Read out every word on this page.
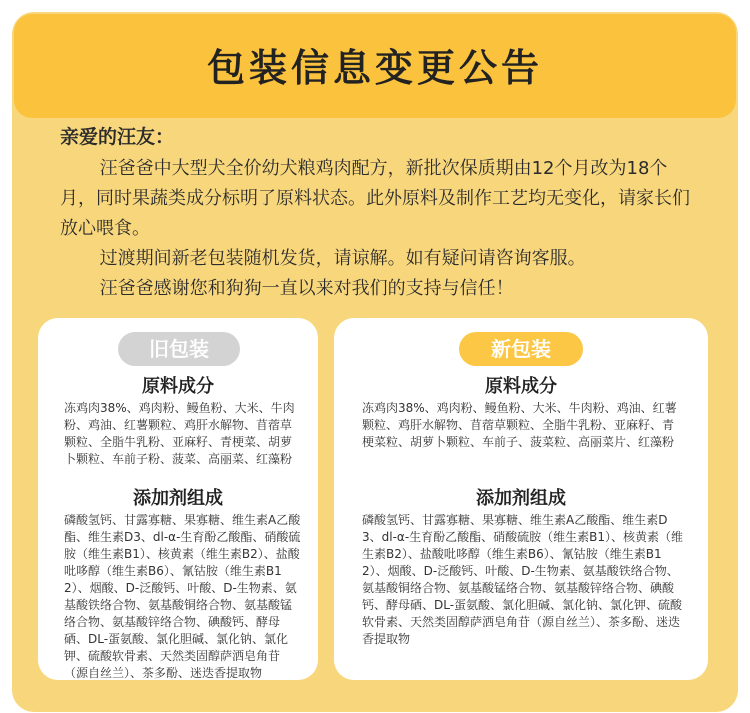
包装信息变更公告
亲爱的汪友：

汪爸爸中大型犬全价幼犬粮鸡肉配方，新批次保质期由12个月改为18个月，同时果蔬类成分标明了原料状态。此外原料及制作工艺均无变化，请家长们放心喂食。

过渡期间新老包装随机发货，请谅解。如有疑问请咨询客服。

汪爸爸感谢您和狗狗一直以来对我们的支持与信任！

旧包装
原料成分
冻鸡肉38%、鸡肉粉、鳗鱼粉、大米、牛肉粉、鸡油、红薯颗粒、鸡肝水解物、苜蓿草颗粒、全脂牛乳粉、亚麻籽、青梗菜、胡萝卜颗粒、车前子粉、菠菜、高丽菜、红藻粉
添加剂组成
磷酸氢钙、甘露寡糖、果寡糖、维生素A乙酸酯、维生素D3、dl-α-生育酚乙酸酯、硝酸硫胺（维生素B1）、核黄素（维生素B2）、盐酸吡哆醇（维生素B6）、氰钴胺（维生素B12）、烟酸、D-泛酸钙、叶酸、D-生物素、氨基酸铁络合物、氨基酸铜络合物、氨基酸锰络合物、氨基酸锌络合物、碘酸钙、酵母硒、DL-蛋氨酸、氯化胆碱、氯化钠、氯化钾、硫酸软骨素、天然类固醇萨洒皂角苷（源自丝兰）、茶多酚、迷迭香提取物
新包装
原料成分
冻鸡肉38%、鸡肉粉、鳗鱼粉、大米、牛肉粉、鸡油、红薯颗粒、鸡肝水解物、苜蓿草颗粒、全脂牛乳粉、亚麻籽、青梗菜粒、胡萝卜颗粒、车前子、菠菜粒、高丽菜片、红藻粉
添加剂组成
磷酸氢钙、甘露寡糖、果寡糖、维生素A乙酸酯、维生素D3、dl-α-生育酚乙酸酯、硝酸硫胺（维生素B1）、核黄素（维生素B2）、盐酸吡哆醇（维生素B6）、氰钴胺（维生素B12）、烟酸、D-泛酸钙、叶酸、D-生物素、氨基酸铁络合物、氨基酸铜络合物、氨基酸锰络合物、氨基酸锌络合物、碘酸钙、酵母硒、DL-蛋氨酸、氯化胆碱、氯化钠、氯化钾、硫酸软骨素、天然类固醇萨洒皂角苷（源自丝兰）、茶多酚、迷迭香提取物
